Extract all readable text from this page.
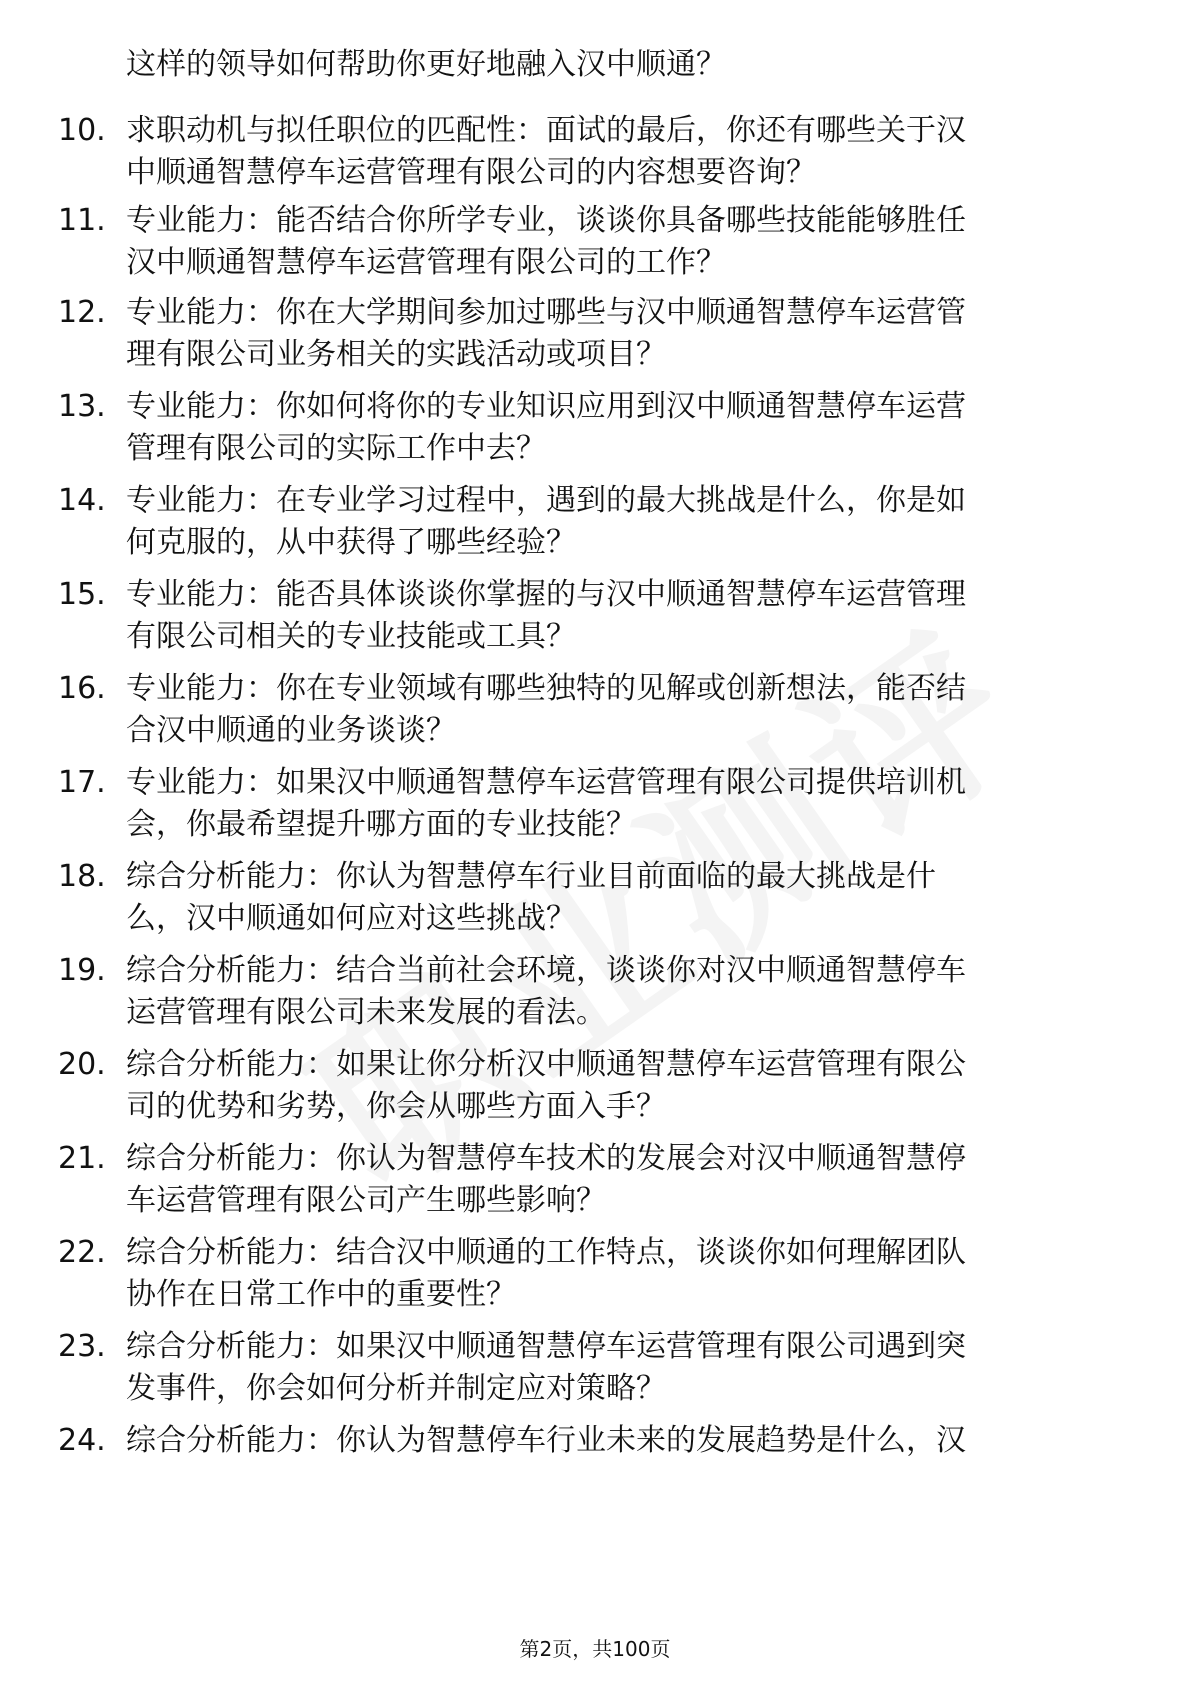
这样的领导如何帮助你更好地融入汉中顺通？
10. 求职动机与拟任职位的匹配性：面试的最后，你还有哪些关于汉
中顺通智慧停车运营管理有限公司的内容想要咨询？
11. 专业能力：能否结合你所学专业，谈谈你具备哪些技能能够胜任
汉中顺通智慧停车运营管理有限公司的工作？
12. 专业能力：你在大学期间参加过哪些与汉中顺通智慧停车运营管
理有限公司业务相关的实践活动或项目？
13. 专业能力：你如何将你的专业知识应用到汉中顺通智慧停车运营
管理有限公司的实际工作中去？
14. 专业能力：在专业学习过程中，遇到的最大挑战是什么，你是如
何克服的，从中获得了哪些经验？
15. 专业能力：能否具体谈谈你掌握的与汉中顺通智慧停车运营管理
有限公司相关的专业技能或工具？
16. 专业能力：你在专业领域有哪些独特的见解或创新想法，能否结
合汉中顺通的业务谈谈？
17. 专业能力：如果汉中顺通智慧停车运营管理有限公司提供培训机
会，你最希望提升哪方面的专业技能？
18. 综合分析能力：你认为智慧停车行业目前面临的最大挑战是什
么，汉中顺通如何应对这些挑战？
19. 综合分析能力：结合当前社会环境，谈谈你对汉中顺通智慧停车
运营管理有限公司未来发展的看法。
20. 综合分析能力：如果让你分析汉中顺通智慧停车运营管理有限公
司的优势和劣势，你会从哪些方面入手？
21. 综合分析能力：你认为智慧停车技术的发展会对汉中顺通智慧停
车运营管理有限公司产生哪些影响？
22. 综合分析能力：结合汉中顺通的工作特点，谈谈你如何理解团队
协作在日常工作中的重要性？
23. 综合分析能力：如果汉中顺通智慧停车运营管理有限公司遇到突
发事件，你会如何分析并制定应对策略？
24. 综合分析能力：你认为智慧停车行业未来的发展趋势是什么，汉
第2页，共100页
